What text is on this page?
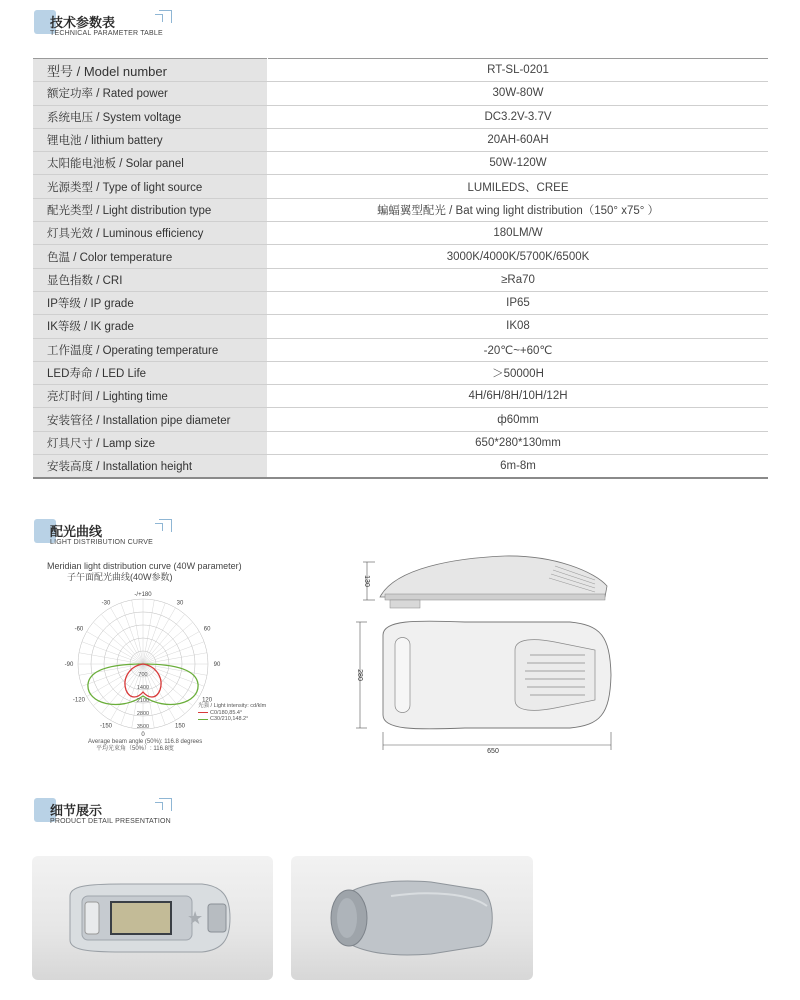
技术参数表
TECHNICAL PARAMETER TABLE
型号 / Model number	RT-SL-0201
额定功率 / Rated power	30W-80W
系统电压 / System voltage	DC3.2V-3.7V
锂电池 / lithium battery	20AH-60AH
太阳能电池板 / Solar panel	50W-120W
光源类型 / Type of light source	LUMILEDS、CREE
配光类型 / Light distribution type	蝙蝠翼型配光 / Bat wing light distribution（150° x75° ）
灯具光效 / Luminous efficiency	180LM/W
色温 / Color temperature	3000K/4000K/5700K/6500K
显色指数 / CRI	≥Ra70
IP等级 / IP grade	IP65
IK等级 / IK grade	IK08
工作温度 / Operating temperature	-20℃~+60℃
LED寿命 / LED Life	＞50000H
亮灯时间 / Lighting time	4H/6H/8H/10H/12H
安装管径 / Installation pipe diameter	ф60mm
灯具尺寸 / Lamp size	650*280*130mm
安装高度 / Installation height	6m-8m
配光曲线
LIGHT DISTRIBUTION CURVE
Meridian light distribution curve (40W parameter)
子午面配光曲线(40W参数)
-/+180
-150	150
-120	120
-90	90
-60	60
-30	30
0
700
1400
2100
2800
3500
光强 / Light intensity: cd/klm
C0/180,85.4°
C30/210,148.2°
Average beam angle (50%): 116.8 degrees
平均光束角（50%）: 116.8度
130
280
650
细节展示
PRODUCT DETAIL PRESENTATION
★
